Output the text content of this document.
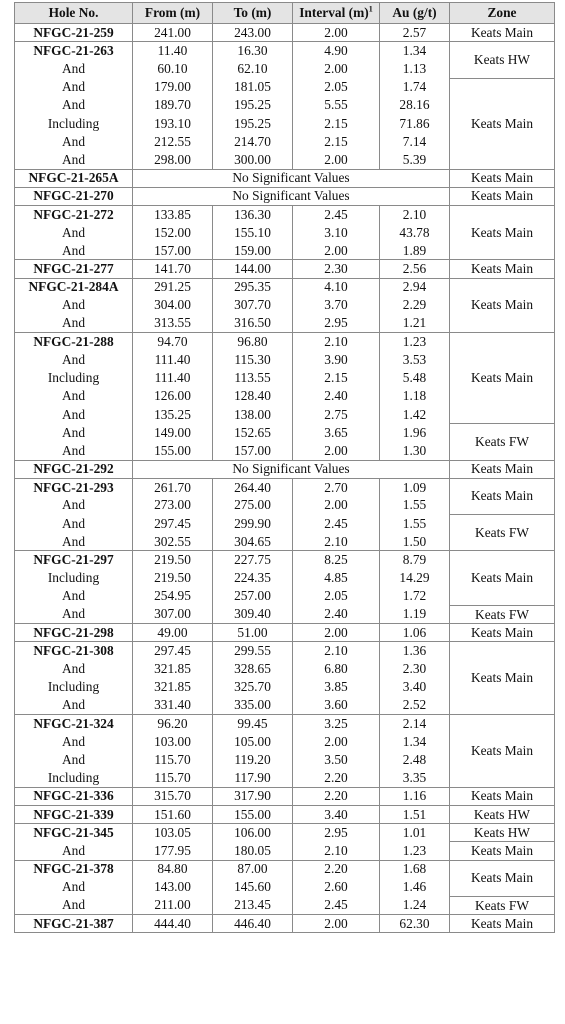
Hole No.	From (m)	To (m)	Interval $(m)^1$	Au (g/t)	Zone
NFGC-21-259	241.00	243.00	2.00	2.57	Keats Main
NFGC-21-263	11.40	16.30	4.90	1.34	Keats HW
And	60.10	62.10	2.00	1.13	
And	179.00	181.05	2.05	1.74	Keats Main
And	189.70	195.25	5.55	28.16	
Including	193.10	195.25	2.15	71.86	
And	212.55	214.70	2.15	7.14	
And	298.00	300.00	2.00	5.39	
NFGC-21-265A	No Significant Values				Keats Main
NFGC-21-270	No Significant Values				Keats Main
NFGC-21-272	133.85	136.30	2.45	2.10	Keats Main
And	152.00	155.10	3.10	43.78	
And	157.00	159.00	2.00	1.89	
NFGC-21-277	141.70	144.00	2.30	2.56	Keats Main
NFGC-21-284A	291.25	295.35	4.10	2.94	Keats Main
And	304.00	307.70	3.70	2.29	
And	313.55	316.50	2.95	1.21	
NFGC-21-288	94.70	96.80	2.10	1.23	Keats Main
And	111.40	115.30	3.90	3.53	
Including	111.40	113.55	2.15	5.48	
And	126.00	128.40	2.40	1.18	
And	135.25	138.00	2.75	1.42	
And	149.00	152.65	3.65	1.96	Keats FW
And	155.00	157.00	2.00	1.30	
NFGC-21-292	No Significant Values				Keats Main
NFGC-21-293	261.70	264.40	2.70	1.09	Keats Main
And	273.00	275.00	2.00	1.55	
And	297.45	299.90	2.45	1.55	Keats FW
And	302.55	304.65	2.10	1.50	
NFGC-21-297	219.50	227.75	8.25	8.79	Keats Main
Including	219.50	224.35	4.85	14.29	
And	254.95	257.00	2.05	1.72	
And	307.00	309.40	2.40	1.19	Keats FW
NFGC-21-298	49.00	51.00	2.00	1.06	Keats Main
NFGC-21-308	297.45	299.55	2.10	1.36	Keats Main
And	321.85	328.65	6.80	2.30	
Including	321.85	325.70	3.85	3.40	
And	331.40	335.00	3.60	2.52	
NFGC-21-324	96.20	99.45	3.25	2.14	Keats Main
And	103.00	105.00	2.00	1.34	
And	115.70	119.20	3.50	2.48	
Including	115.70	117.90	2.20	3.35	
NFGC-21-336	315.70	317.90	2.20	1.16	Keats Main
NFGC-21-339	151.60	155.00	3.40	1.51	Keats HW
NFGC-21-345	103.05	106.00	2.95	1.01	Keats HW
And	177.95	180.05	2.10	1.23	Keats Main
NFGC-21-378	84.80	87.00	2.20	1.68	Keats Main
And	143.00	145.60	2.60	1.46	
And	211.00	213.45	2.45	1.24	Keats FW
NFGC-21-387	444.40	446.40	2.00	62.30	Keats Main
